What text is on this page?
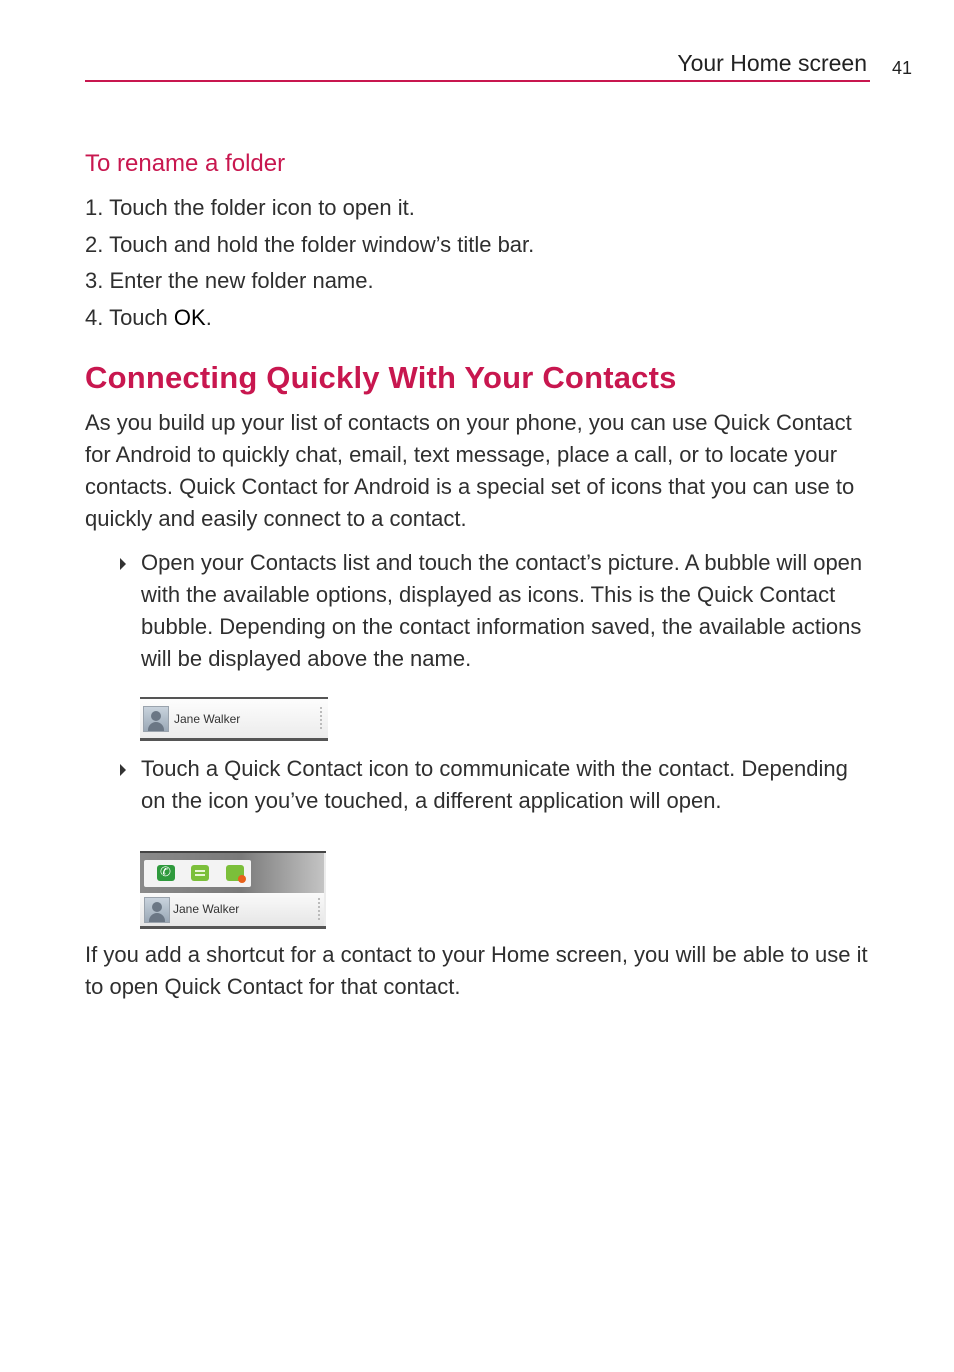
Your Home screen 41
To rename a folder
1. Touch the folder icon to open it.
2. Touch and hold the folder window’s title bar.
3. Enter the new folder name.
4. Touch OK.
Connecting Quickly With Your Contacts

As you build up your list of contacts on your phone, you can use Quick Contact for Android to quickly chat, email, text message, place a call, or to locate your contacts. Quick Contact for Android is a special set of icons that you can use to quickly and easily connect to a contact.

Open your Contacts list and touch the contact’s picture. A bubble will open with the available options, displayed as icons. This is the Quick Contact bubble. Depending on the contact information saved, the available actions will be displayed above the name.

Jane Walker

Touch a Quick Contact icon to communicate with the contact. Depending on the icon you’ve touched, a different application will open.

✆
Jane Walker

If you add a shortcut for a contact to your Home screen, you will be able to use it to open Quick Contact for that contact.
